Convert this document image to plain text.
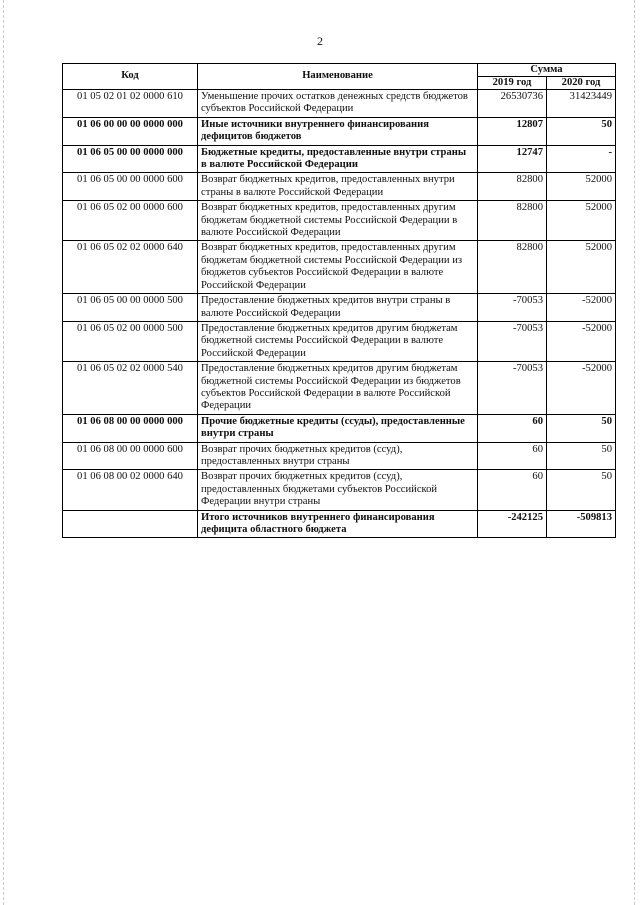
2
Код	Наименование	Сумма	
		2019 год	2020 год
01 05 02 01 02 0000 610	Уменьшение прочих остатков денежных средств бюджетов субъектов Российской Федерации	26530736	31423449
01 06 00 00 00 0000 000	Иные источники внутреннего финансирования дефицитов бюджетов	12807	50
01 06 05 00 00 0000 000	Бюджетные кредиты, предоставленные внутри страны в валюте Российской Федерации	12747	-
01 06 05 00 00 0000 600	Возврат бюджетных кредитов, предоставленных внутри страны в валюте Российской Федерации	82800	52000
01 06 05 02 00 0000 600	Возврат бюджетных кредитов, предоставленных другим бюджетам бюджетной системы Российской Федерации в валюте Российской Федерации	82800	52000
01 06 05 02 02 0000 640	Возврат бюджетных кредитов, предоставленных другим бюджетам бюджетной системы Российской Федерации из бюджетов субъектов Российской Федерации в валюте Российской Федерации	82800	52000
01 06 05 00 00 0000 500	Предоставление бюджетных кредитов внутри страны в валюте Российской Федерации	-70053	-52000
01 06 05 02 00 0000 500	Предоставление бюджетных кредитов другим бюджетам бюджетной системы Российской Федерации в валюте Российской Федерации	-70053	-52000
01 06 05 02 02 0000 540	Предоставление бюджетных кредитов другим бюджетам бюджетной системы Российской Федерации из бюджетов субъектов Российской Федерации в валюте Российской Федерации	-70053	-52000
01 06 08 00 00 0000 000	Прочие бюджетные кредиты (ссуды), предоставленные внутри страны	60	50
01 06 08 00 00 0000 600	Возврат прочих бюджетных кредитов (ссуд), предоставленных внутри страны	60	50
01 06 08 00 02 0000 640	Возврат прочих бюджетных кредитов (ссуд), предоставленных бюджетами субъектов Российской Федерации внутри страны	60	50
	Итого источников внутреннего финансирования дефицита областного бюджета	-242125	-509813
